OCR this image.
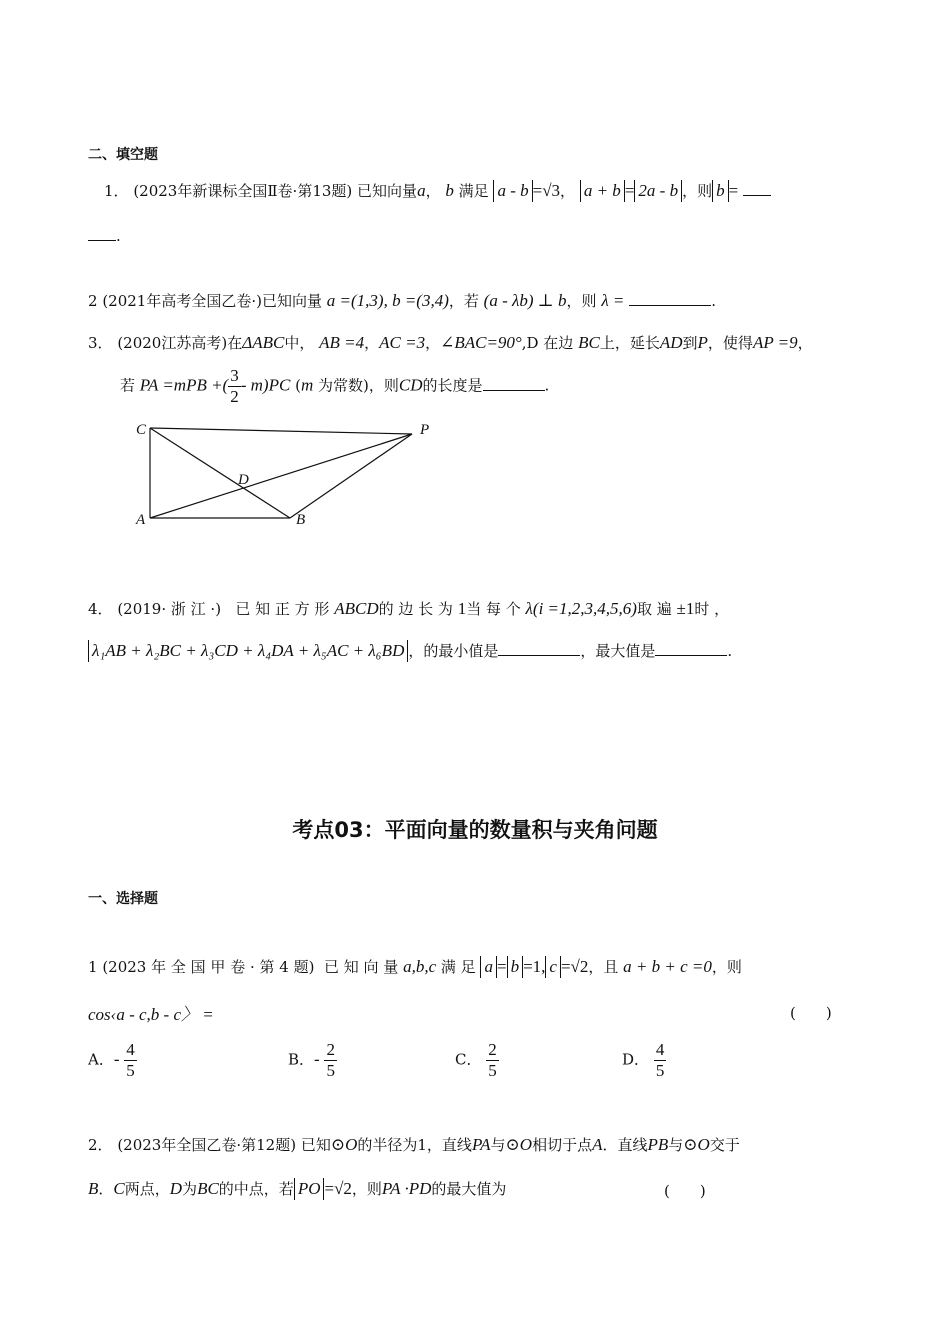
二、填空题
1． (2023年新课标全国Ⅱ卷·第13题) 已知向量a， b 满足 a - b =√3， a + b = 2a - b ，则 b =
.
2 (2021年高考全国乙卷·)已知向量 a =(1,3), b =(3,4)，若 (a - λb) ⊥ b，则 λ =	.
3． (2020江苏高考)在ΔABC中， AB =4，AC =3，∠BAC=90°,D 在边 BC上，延长AD到P，使得AP =9，
若 PA =mPB +( $\frac{3}{2} - m)PC$ (m 为常数)，则CD的长度是	.
C	P
D
A	B
4． (2019· 浙 江 ·) 已 知 正 方 形 ABCD的 边 长 为 1当 每 个 λ(i =1,2,3,4,5,6)取 遍 ±1时 ，
λ₁AB + λ₂BC + λ₃CD + λ₄DA + λ₅AC + λ₆BD ，的最小值是	，最大值是	.
考点03：平面向量的数量积与夹角问题
一、选择题
1 (2023 年 全 国 甲 卷 · 第 4 题) 已 知 向 量 a,b,c 满 足 a = b =1, c =√2，且 a + b + c =0，则
cos‹a - c,b - c〉 =	(　　)
A．- $\frac{4}{5}$	B．- $\frac{2}{5}$	C． $\frac{2}{5}$	D． $\frac{4}{5}$
2． (2023年全国乙卷·第12题) 已知⊙O的半径为1，直线PA与⊙O相切于点A．直线PB与⊙O交于
B．C两点，D为BC的中点，若 PO =√2，则PA ·PD的最大值为	(　　)
